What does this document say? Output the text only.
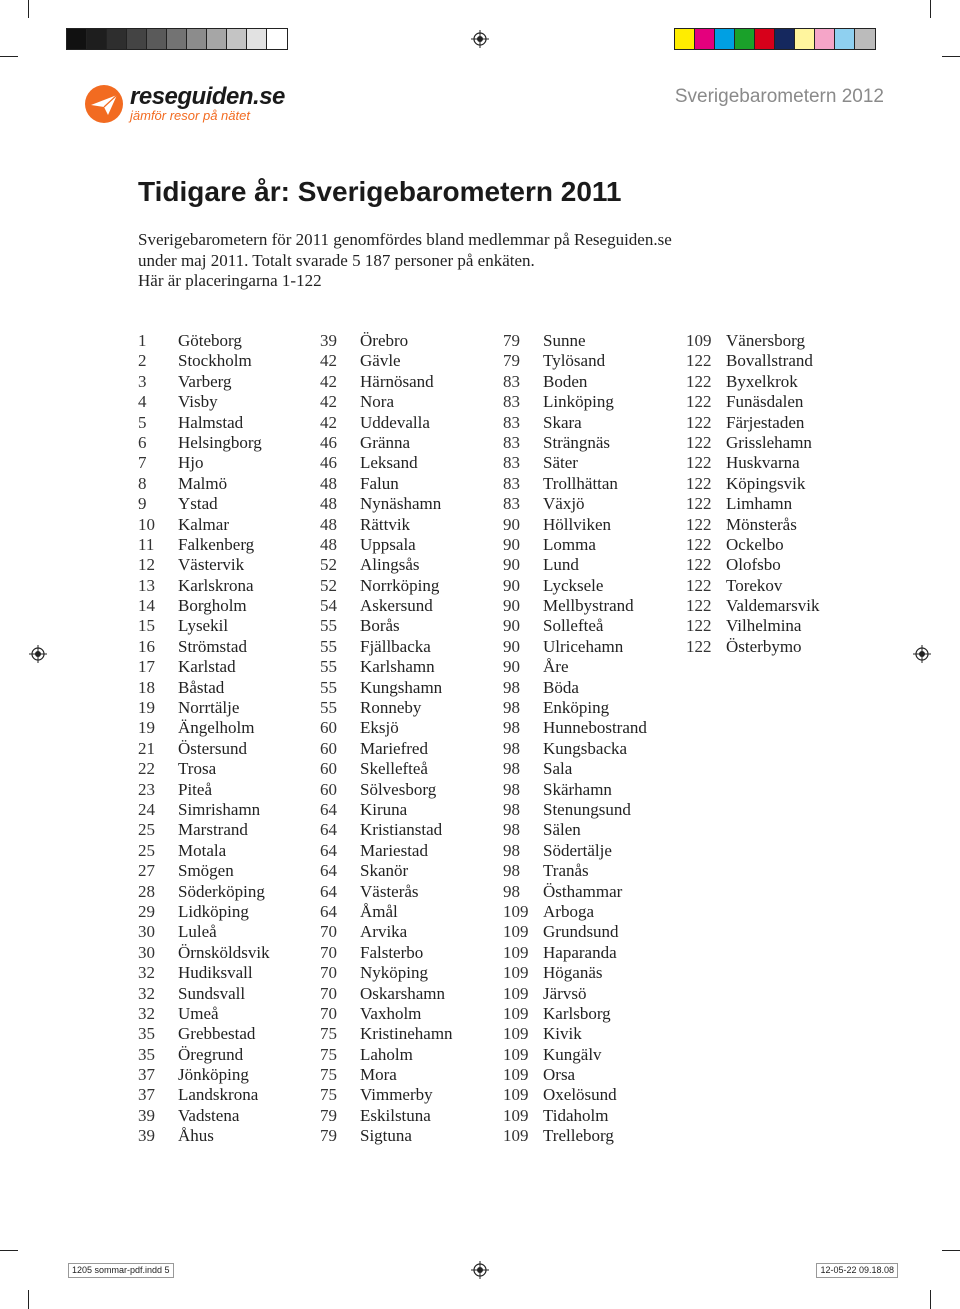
reseguiden.se
jämför resor på nätet
Sverigebarometern 2012
Tidigare år: Sverigebarometern 2011

Sverigebarometern för 2011 genomfördes bland medlemmar på Reseguiden.se

under maj 2011. Totalt svarade 5 187 personer på enkäten.

Här är placeringarna 1-122

1	Göteborg
2	Stockholm
3	Varberg
4	Visby
5	Halmstad
6	Helsingborg
7	Hjo
8	Malmö
9	Ystad
10	Kalmar
11	Falkenberg
12	Västervik
13	Karlskrona
14	Borgholm
15	Lysekil
16	Strömstad
17	Karlstad
18	Båstad
19	Norrtälje
19	Ängelholm
21	Östersund
22	Trosa
23	Piteå
24	Simrishamn
25	Marstrand
25	Motala
27	Smögen
28	Söderköping
29	Lidköping
30	Luleå
30	Örnsköldsvik
32	Hudiksvall
32	Sundsvall
32	Umeå
35	Grebbestad
35	Öregrund
37	Jönköping
37	Landskrona
39	Vadstena
39	Åhus
39	Örebro
42	Gävle
42	Härnösand
42	Nora
42	Uddevalla
46	Gränna
46	Leksand
48	Falun
48	Nynäshamn
48	Rättvik
48	Uppsala
52	Alingsås
52	Norrköping
54	Askersund
55	Borås
55	Fjällbacka
55	Karlshamn
55	Kungshamn
55	Ronneby
60	Eksjö
60	Mariefred
60	Skellefteå
60	Sölvesborg
64	Kiruna
64	Kristianstad
64	Mariestad
64	Skanör
64	Västerås
64	Åmål
70	Arvika
70	Falsterbo
70	Nyköping
70	Oskarshamn
70	Vaxholm
75	Kristinehamn
75	Laholm
75	Mora
75	Vimmerby
79	Eskilstuna
79	Sigtuna
79	Sunne
79	Tylösand
83	Boden
83	Linköping
83	Skara
83	Strängnäs
83	Säter
83	Trollhättan
83	Växjö
90	Höllviken
90	Lomma
90	Lund
90	Lycksele
90	Mellbystrand
90	Sollefteå
90	Ulricehamn
90	Åre
98	Böda
98	Enköping
98	Hunnebostrand
98	Kungsbacka
98	Sala
98	Skärhamn
98	Stenungsund
98	Sälen
98	Södertälje
98	Tranås
98	Östhammar
109 Arboga
109 Grundsund
109 Haparanda
109 Höganäs
109 Järvsö
109 Karlsborg
109 Kivik
109 Kungälv
109 Orsa
109 Oxelösund
109 Tidaholm
109 Trelleborg
109 Vänersborg
122 Bovallstrand
122 Byxelkrok
122 Funäsdalen
122 Färjestaden
122 Grisslehamn
122 Huskvarna
122 Köpingsvik
122 Limhamn
122 Mönsterås
122 Ockelbo
122 Olofsbo
122 Torekov
122 Valdemarsvik
122 Vilhelmina
122 Österbymo
1205 sommar-pdf.indd 5	12-05-22 09.18.08
